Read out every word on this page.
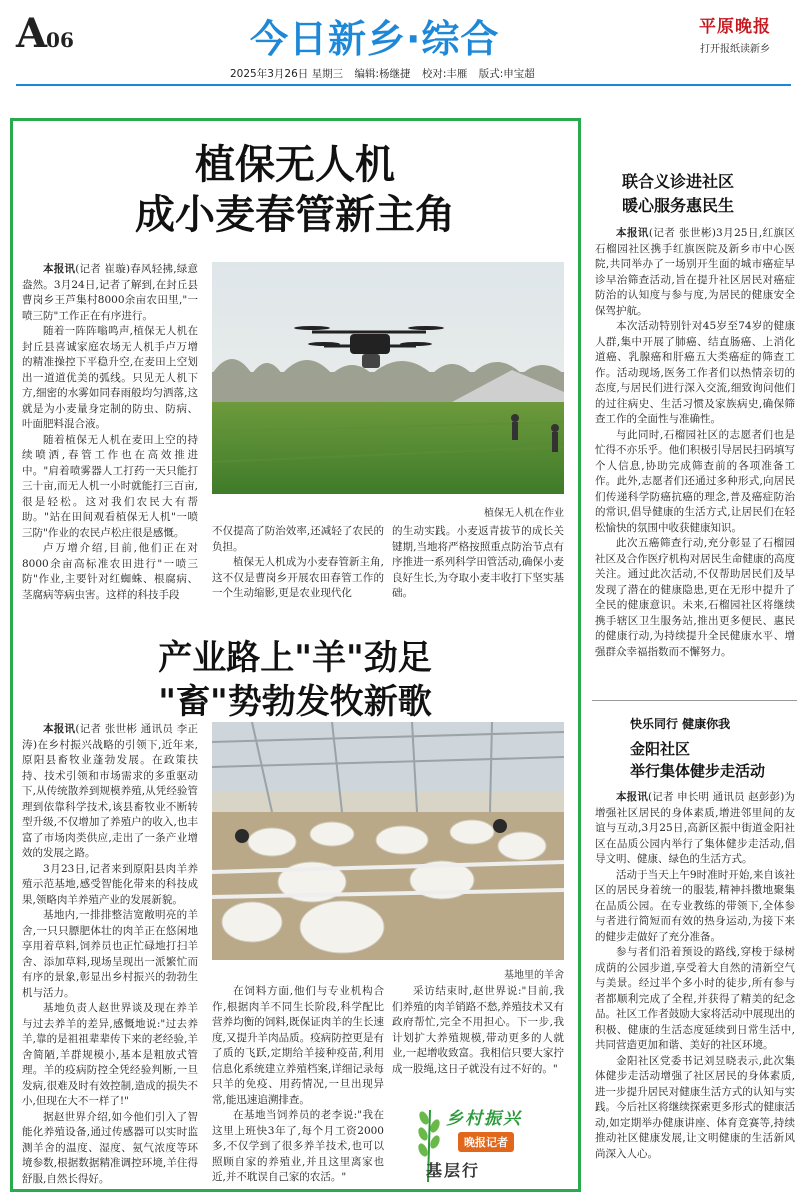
A06	今日新乡·综合	平原晚报
打开报纸读新乡
2025年3月26日 星期三 编辑:杨继捷 校对:丰雁 版式:申宝超
植保无人机
成小麦春管新主角

本报讯(记者 崔璇)春风轻拂,绿意盎然。3月24日,记者了解到,在封丘县曹岗乡王芦集村8000余亩农田里,"一喷三防"工作正在有序进行。

随着一阵阵嗡鸣声,植保无人机在封丘县喜诚家庭农场无人机手卢万增的精准操控下平稳升空,在麦田上空划出一道道优美的弧线。只见无人机下方,细密的水雾如同春雨般均匀洒落,这就是为小麦量身定制的防虫、防病、叶面肥料混合液。

随着植保无人机在麦田上空的持续喷洒,春管工作也在高效推进中。"肩着喷雾器人工打药一天只能打三十亩,而无人机一小时就能打三百亩,很是轻松。这对我们农民大有帮助。"站在田间观看植保无人机"一喷三防"作业的农民卢松庄很是感慨。

卢万增介绍,目前,他们正在对8000余亩高标准农田进行"一喷三防"作业,主要针对红蜘蛛、根腐病、茎腐病等病虫害。这样的科技手段

植保无人机在作业
不仅提高了防治效率,还减轻了农民的负担。

植保无人机成为小麦春管新主角,这不仅是曹岗乡开展农田春管工作的一个生动缩影,更是农业现代化

的生动实践。小麦返青拔节的成长关键期,当地将严格按照重点防治节点有序推进一系列科学田管活动,确保小麦良好生长,为夺取小麦丰收打下坚实基础。
产业路上"羊"劲足
"畜"势勃发牧新歌

本报讯(记者 张世彬 通讯员 李正涛)在乡村振兴战略的引领下,近年来,原阳县畜牧业蓬勃发展。在政策扶持、技术引领和市场需求的多重驱动下,从传统散养到规模养殖,从凭经验管理到依靠科学技术,该县畜牧业不断转型升级,不仅增加了养殖户的收入,也丰富了市场肉类供应,走出了一条产业增效的发展之路。

3月23日,记者来到原阳县肉羊养殖示范基地,感受智能化带来的科技成果,领略肉羊养殖产业的发展新貌。

基地内,一排排整洁宽敞明亮的羊舍,一只只膘肥体壮的肉羊正在悠闲地享用着草料,饲养员也正忙碌地打扫羊舍、添加草料,现场呈现出一派繁忙而有序的景象,彰显出乡村振兴的勃勃生机与活力。

基地负责人赵世界谈及现在养羊与过去养羊的差异,感慨地说:"过去养羊,靠的是祖祖辈辈传下来的老经验,羊舍简陋,羊群规模小,基本是粗放式管理。羊的疫病防控全凭经验判断,一旦发病,很难及时有效控制,造成的损失不小,但现在大不一样了!"

据赵世界介绍,如今他们引入了智能化养殖设备,通过传感器可以实时监测羊舍的温度、湿度、氨气浓度等环境参数,根据数据精准调控环境,羊住得舒服,自然长得好。

基地里的羊舍

在饲料方面,他们与专业机构合作,根据肉羊不同生长阶段,科学配比营养均衡的饲料,既保证肉羊的生长速度,又提升羊肉品质。疫病防控更是有了质的飞跃,定期给羊接种疫苗,利用信息化系统建立养殖档案,详细记录每只羊的免疫、用药情况,一旦出现异常,能迅速追溯排查。

在基地当饲养员的老李说:"我在这里上班快3年了,每个月工资2000多,不仅学到了很多养羊技术,也可以照顾自家的养殖业,并且这里离家也近,并不耽误自己家的农活。"

采访结束时,赵世界说:"目前,我们养殖的肉羊销路不愁,养殖技术又有政府帮忙,完全不用担心。下一步,我计划扩大养殖规模,带动更多的人就业,一起增收致富。我相信只要大家拧成一股绳,这日子就没有过不好的。"

乡村振兴
晚报记者
基层行
联合义诊进社区
暖心服务惠民生

本报讯(记者 张世彬)3月25日,红旗区石榴园社区携手红旗医院及新乡市中心医院,共同举办了一场别开生面的城市癌症早诊早治筛查活动,旨在提升社区居民对癌症防治的认知度与参与度,为居民的健康安全保驾护航。

本次活动特别针对45岁至74岁的健康人群,集中开展了肺癌、结直肠癌、上消化道癌、乳腺癌和肝癌五大类癌症的筛查工作。活动现场,医务工作者们以热情亲切的态度,与居民们进行深入交流,细致询问他们的过往病史、生活习惯及家族病史,确保筛查工作的全面性与准确性。

与此同时,石榴园社区的志愿者们也是忙得不亦乐乎。他们积极引导居民扫码填写个人信息,协助完成筛查前的各项准备工作。此外,志愿者们还通过多种形式,向居民们传递科学防癌抗癌的理念,普及癌症防治的常识,倡导健康的生活方式,让居民们在轻松愉快的氛围中收获健康知识。

此次五癌筛查行动,充分彰显了石榴园社区及合作医疗机构对居民生命健康的高度关注。通过此次活动,不仅帮助居民们及早发现了潜在的健康隐患,更在无形中提升了全民的健康意识。未来,石榴园社区将继续携手辖区卫生服务站,推出更多便民、惠民的健康行动,为持续提升全民健康水平、增强群众幸福指数而不懈努力。

快乐同行 健康你我
金阳社区
举行集体健步走活动

本报讯(记者 申长明 通讯员 赵彭彭)为增强社区居民的身体素质,增进邻里间的友谊与互动,3月25日,高新区振中街道金阳社区在品质公园内举行了集体健步走活动,倡导文明、健康、绿色的生活方式。

活动于当天上午9时准时开始,来自该社区的居民身着统一的服装,精神抖擞地聚集在品质公园。在专业教练的带领下,全体参与者进行简短而有效的热身运动,为接下来的健步走做好了充分准备。

参与者们沿着预设的路线,穿梭于绿树成荫的公园步道,享受着大自然的清新空气与美景。经过半个多小时的徒步,所有参与者都顺利完成了全程,并获得了精美的纪念品。社区工作者鼓励大家将活动中展现出的积极、健康的生活态度延续到日常生活中,共同营造更加和谐、美好的社区环境。

金阳社区党委书记刘昱晓表示,此次集体健步走活动增强了社区居民的身体素质,进一步提升居民对健康生活方式的认知与实践。今后社区将继续探索更多形式的健康活动,如定期举办健康讲座、体育竞赛等,持续推动社区健康发展,让文明健康的生活新风尚深入人心。
